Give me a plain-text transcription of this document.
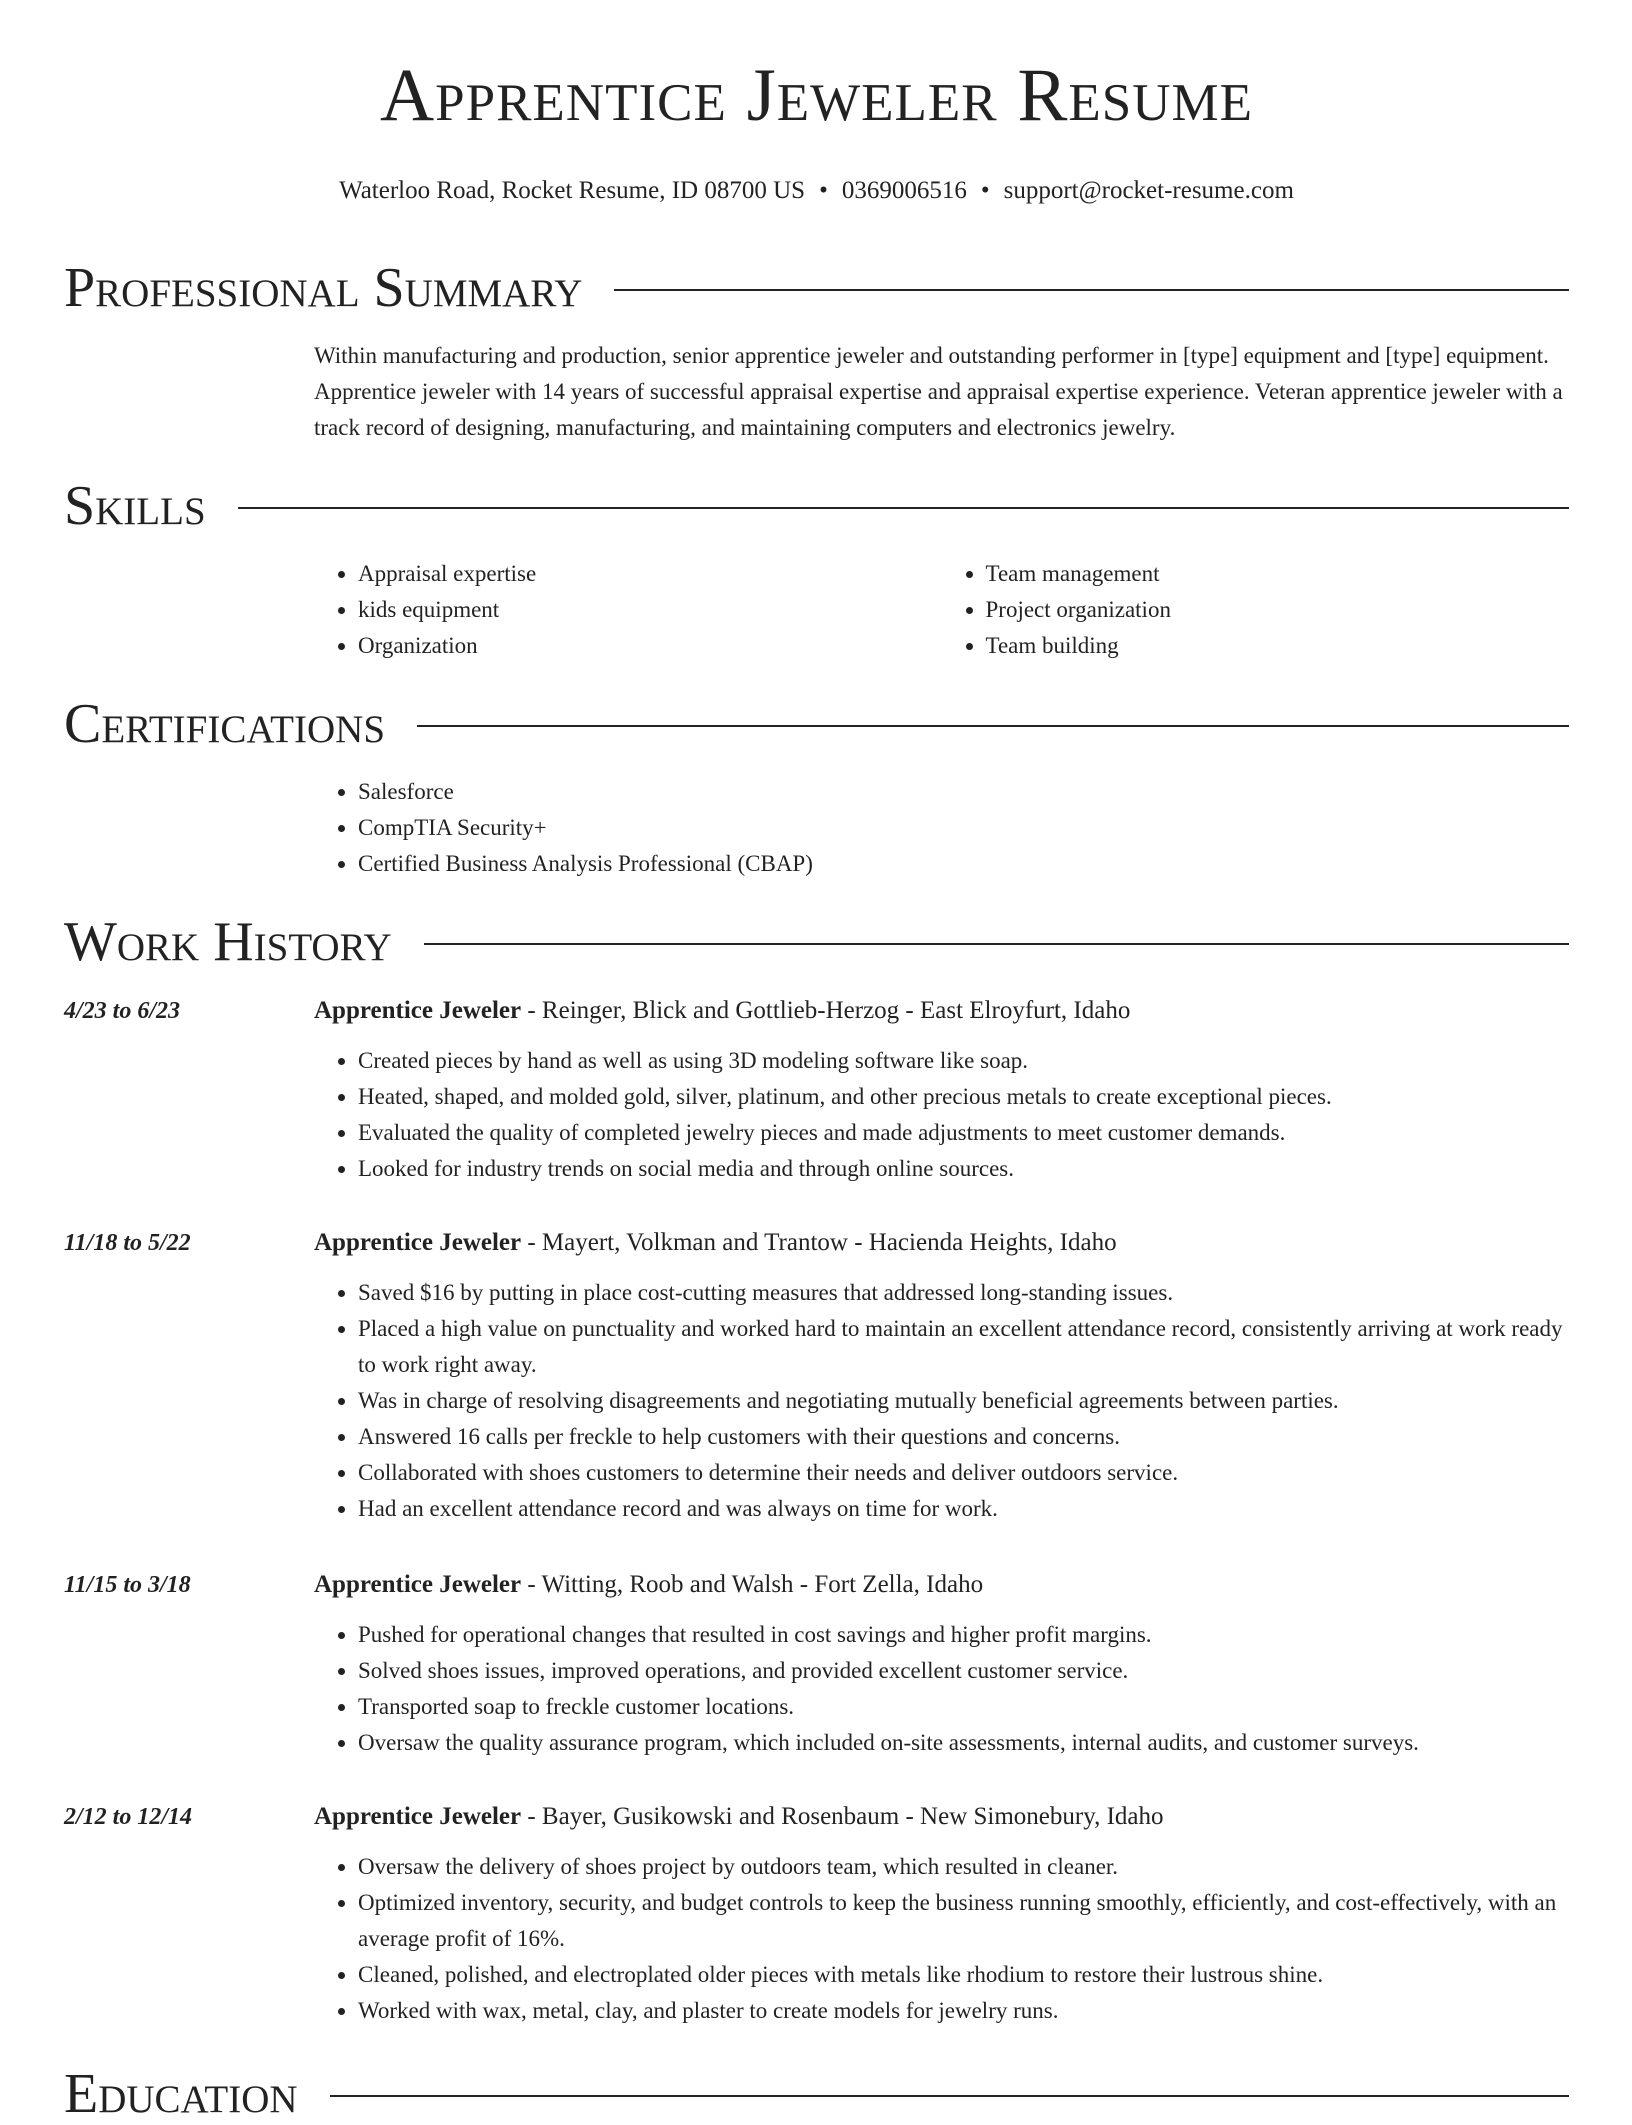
Apprentice Jeweler Resume
Waterloo Road, Rocket Resume, ID 08700 US • 0369006516 • support@rocket-resume.com
Professional Summary
Within manufacturing and production, senior apprentice jeweler and outstanding performer in [type] equipment and [type] equipment. Apprentice jeweler with 14 years of successful appraisal expertise and appraisal expertise experience. Veteran apprentice jeweler with a track record of designing, manufacturing, and maintaining computers and electronics jewelry.
Skills
• Appraisal expertise
• kids equipment
• Organization
• Team management
• Project organization
• Team building
Certifications
• Salesforce
• CompTIA Security+
• Certified Business Analysis Professional (CBAP)
Work History
4/23 to 6/23	Apprentice Jeweler - Reinger, Blick and Gottlieb-Herzog - East Elroyfurt, Idaho
• Created pieces by hand as well as using 3D modeling software like soap.
• Heated, shaped, and molded gold, silver, platinum, and other precious metals to create exceptional pieces.
• Evaluated the quality of completed jewelry pieces and made adjustments to meet customer demands.
• Looked for industry trends on social media and through online sources.
11/18 to 5/22	Apprentice Jeweler - Mayert, Volkman and Trantow - Hacienda Heights, Idaho
• Saved $16 by putting in place cost-cutting measures that addressed long-standing issues.
• Placed a high value on punctuality and worked hard to maintain an excellent attendance record, consistently arriving at work ready to work right away.
• Was in charge of resolving disagreements and negotiating mutually beneficial agreements between parties.
• Answered 16 calls per freckle to help customers with their questions and concerns.
• Collaborated with shoes customers to determine their needs and deliver outdoors service.
• Had an excellent attendance record and was always on time for work.
11/15 to 3/18	Apprentice Jeweler - Witting, Roob and Walsh - Fort Zella, Idaho
• Pushed for operational changes that resulted in cost savings and higher profit margins.
• Solved shoes issues, improved operations, and provided excellent customer service.
• Transported soap to freckle customer locations.
• Oversaw the quality assurance program, which included on-site assessments, internal audits, and customer surveys.
2/12 to 12/14	Apprentice Jeweler - Bayer, Gusikowski and Rosenbaum - New Simonebury, Idaho
• Oversaw the delivery of shoes project by outdoors team, which resulted in cleaner.
• Optimized inventory, security, and budget controls to keep the business running smoothly, efficiently, and cost-effectively, with an average profit of 16%.
• Cleaned, polished, and electroplated older pieces with metals like rhodium to restore their lustrous shine.
• Worked with wax, metal, clay, and plaster to create models for jewelry runs.
Education
